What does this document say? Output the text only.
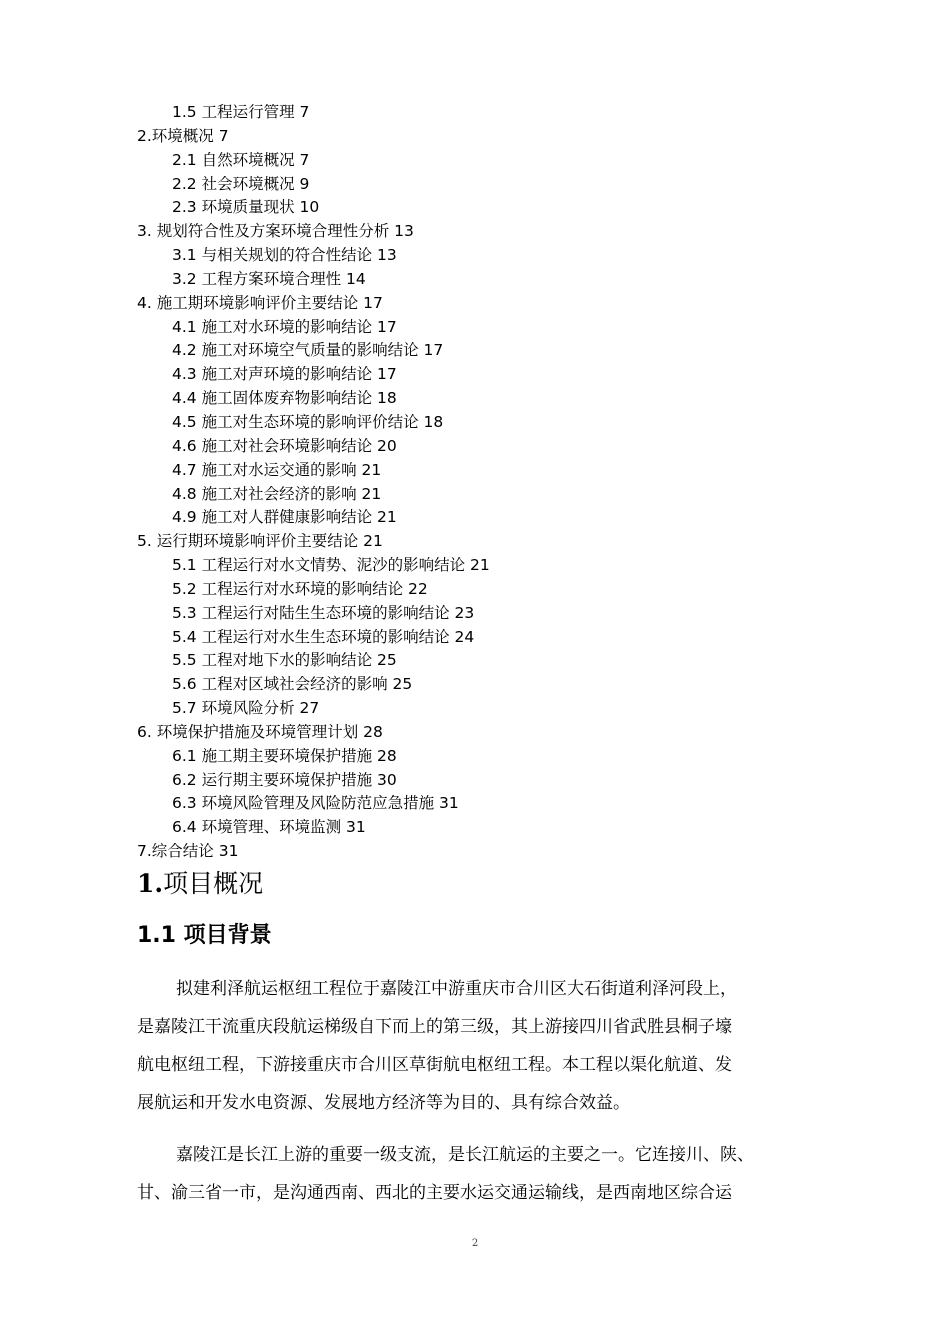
1.5 工程运行管理 7
2.环境概况 7
2.1 自然环境概况 7
2.2 社会环境概况 9
2.3 环境质量现状 10
3. 规划符合性及方案环境合理性分析 13
3.1 与相关规划的符合性结论 13
3.2 工程方案环境合理性 14
4. 施工期环境影响评价主要结论 17
4.1 施工对水环境的影响结论 17
4.2 施工对环境空气质量的影响结论 17
4.3 施工对声环境的影响结论 17
4.4 施工固体废弃物影响结论 18
4.5 施工对生态环境的影响评价结论 18
4.6 施工对社会环境影响结论 20
4.7 施工对水运交通的影响 21
4.8 施工对社会经济的影响 21
4.9 施工对人群健康影响结论 21
5. 运行期环境影响评价主要结论 21
5.1 工程运行对水文情势、泥沙的影响结论 21
5.2 工程运行对水环境的影响结论 22
5.3 工程运行对陆生生态环境的影响结论 23
5.4 工程运行对水生生态环境的影响结论 24
5.5 工程对地下水的影响结论 25
5.6 工程对区域社会经济的影响 25
5.7 环境风险分析 27
6. 环境保护措施及环境管理计划 28
6.1 施工期主要环境保护措施 28
6.2 运行期主要环境保护措施 30
6.3 环境风险管理及风险防范应急措施 31
6.4 环境管理、环境监测 31
7.综合结论 31
1.项目概况
1.1 项目背景

拟建利泽航运枢纽工程位于嘉陵江中游重庆市合川区大石街道利泽河段上，
是嘉陵江干流重庆段航运梯级自下而上的第三级，其上游接四川省武胜县桐子壕
航电枢纽工程，下游接重庆市合川区草街航电枢纽工程。本工程以渠化航道、发
展航运和开发水电资源、发展地方经济等为目的、具有综合效益。

嘉陵江是长江上游的重要一级支流，是长江航运的主要之一。它连接川、陕、
甘、渝三省一市，是沟通西南、西北的主要水运交通运输线，是西南地区综合运

2
